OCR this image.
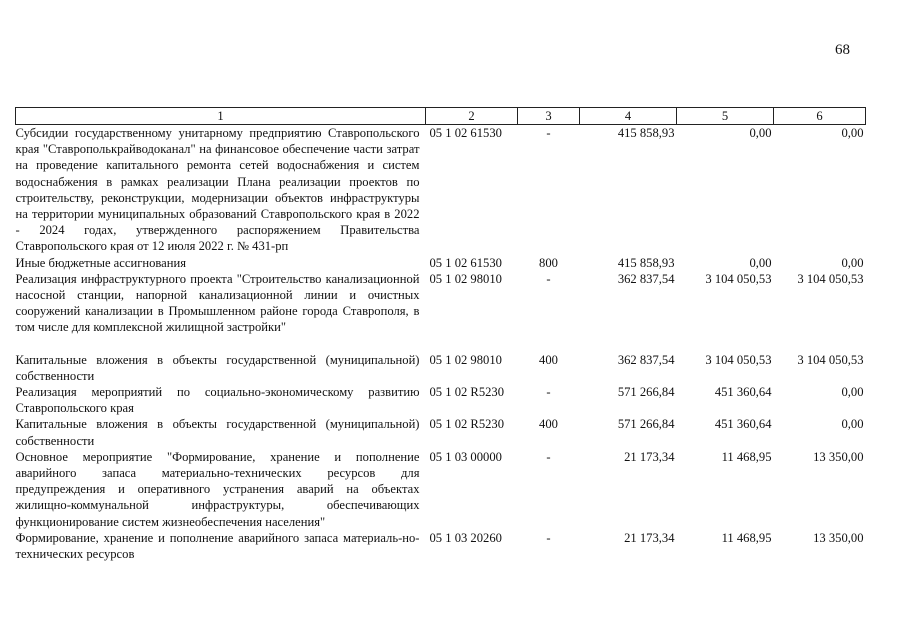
68
1	2	3	4	5	6
Субсидии государственному унитарному предприятию Ставропольского края "Ставрополькрайводоканал" на финансовое обеспечение части затрат на проведение капитального ремонта сетей водоснабжения и систем водоснабжения в рамках реализации Плана реализации проектов по строительству, реконструкции, модернизации объектов инфраструктуры на территории муниципальных образований Ставропольского края в 2022 - 2024 годах, утвержденного распоряжением Правительства Ставропольского края от 12 июля 2022 г. № 431-рп	05 1 02 61530	-	415 858,93	0,00	0,00
Иные бюджетные ассигнования	05 1 02 61530	800	415 858,93	0,00	0,00
Реализация инфраструктурного проекта "Строительство канализационной насосной станции, напорной канализационной линии и очистных сооружений канализации в Промышленном районе города Ставрополя, в том числе для комплексной жилищной застройки"	05 1 02 98010	-	362 837,54	3 104 050,53	3 104 050,53

Капитальные вложения в объекты государственной (муниципальной) собственности	05 1 02 98010	400	362 837,54	3 104 050,53	3 104 050,53
Реализация мероприятий по социально-экономическому развитию Ставропольского края	05 1 02 R5230	-	571 266,84	451 360,64	0,00
Капитальные вложения в объекты государственной (муниципальной) собственности	05 1 02 R5230	400	571 266,84	451 360,64	0,00
Основное мероприятие "Формирование, хранение и пополнение аварийного запаса материально-технических ресурсов для предупреждения и оперативного устранения аварий на объектах жилищно-коммунальной инфраструктуры, обеспечивающих функционирование систем жизнеобеспечения населения"	05 1 03 00000	-	21 173,34	11 468,95	13 350,00
Формирование, хранение и пополнение аварийного запаса материаль-но-технических ресурсов	05 1 03 20260	-	21 173,34	11 468,95	13 350,00
